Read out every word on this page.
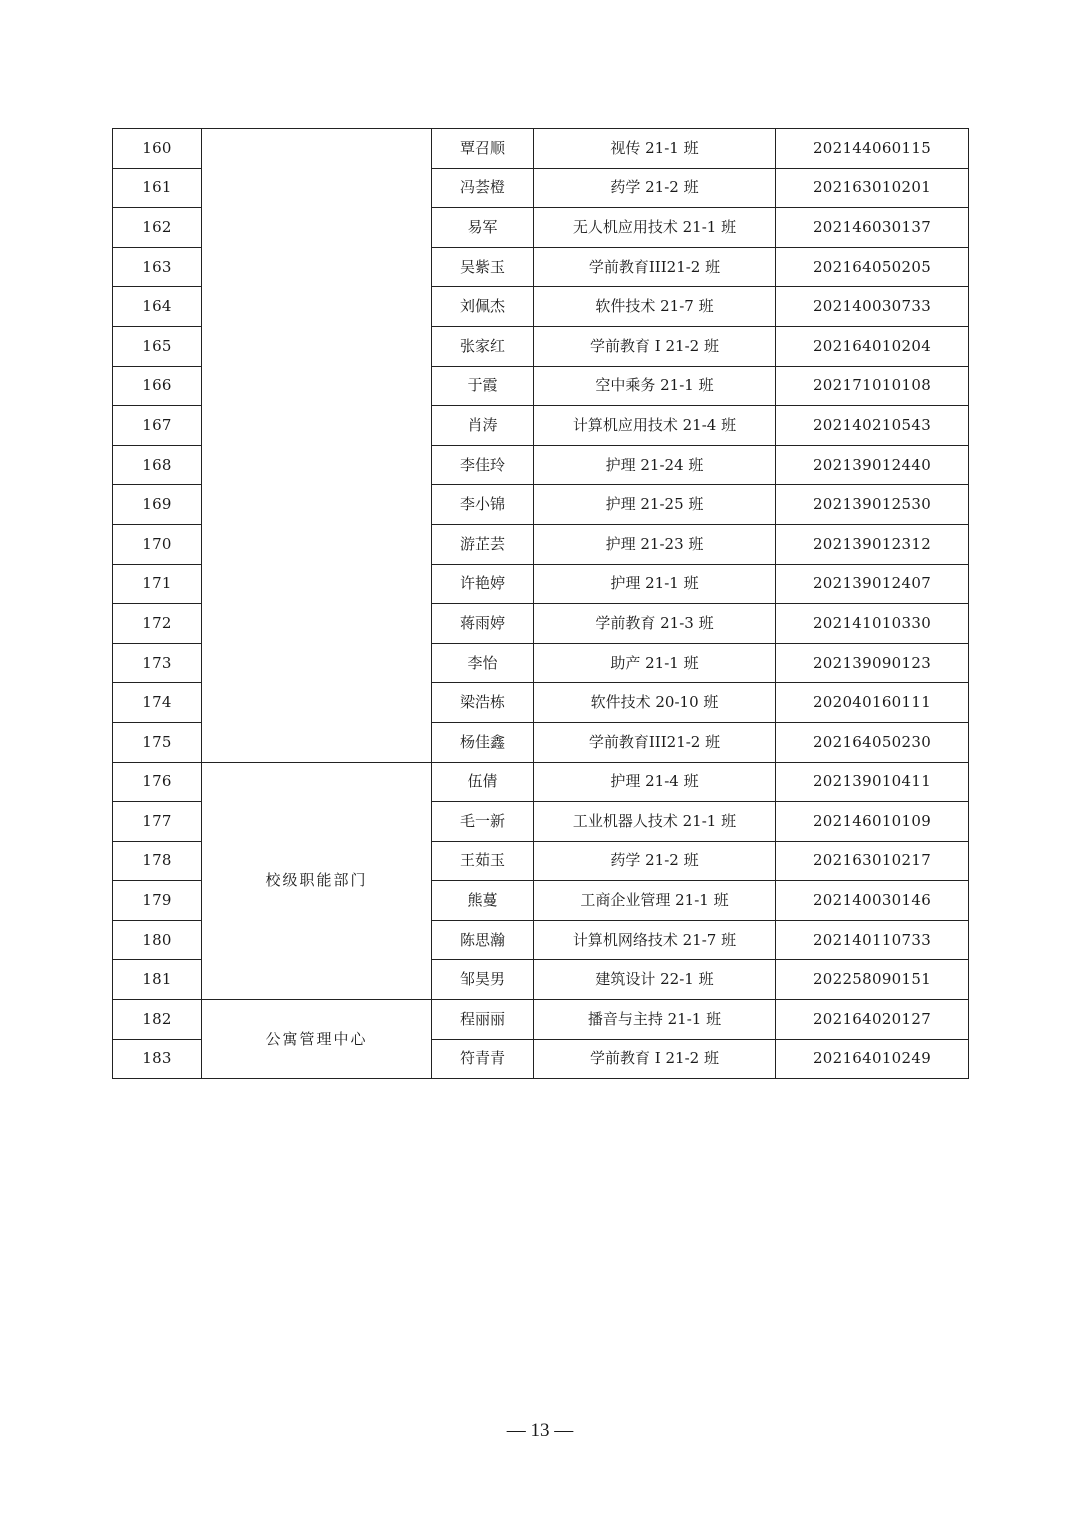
160		覃召顺	视传 21-1 班	202144060115
161		冯荟橙	药学 21-2 班	202163010201
162		易军	无人机应用技术 21-1 班	202146030137
163		吴紫玉	学前教育III21-2 班	202164050205
164		刘佩杰	软件技术 21-7 班	202140030733
165		张家红	学前教育 I 21-2 班	202164010204
166		于霞	空中乘务 21-1 班	202171010108
167		肖涛	计算机应用技术 21-4 班	202140210543
168		李佳玲	护理 21-24 班	202139012440
169		李小锦	护理 21-25 班	202139012530
170		游芷芸	护理 21-23 班	202139012312
171		许艳婷	护理 21-1 班	202139012407
172		蒋雨婷	学前教育 21-3 班	202141010330
173		李怡	助产 21-1 班	202139090123
174		梁浩栋	软件技术 20-10 班	202040160111
175		杨佳鑫	学前教育III21-2 班	202164050230
176	校级职能部门	伍倩	护理 21-4 班	202139010411
177		毛一新	工业机器人技术 21-1 班	202146010109
178		王茹玉	药学 21-2 班	202163010217
179		熊蔓	工商企业管理 21-1 班	202140030146
180		陈思瀚	计算机网络技术 21-7 班	202140110733
181		邹昊男	建筑设计 22-1 班	202258090151
182	公寓管理中心	程丽丽	播音与主持 21-1 班	202164020127
183		符青青	学前教育 I 21-2 班	202164010249
— 13 —
